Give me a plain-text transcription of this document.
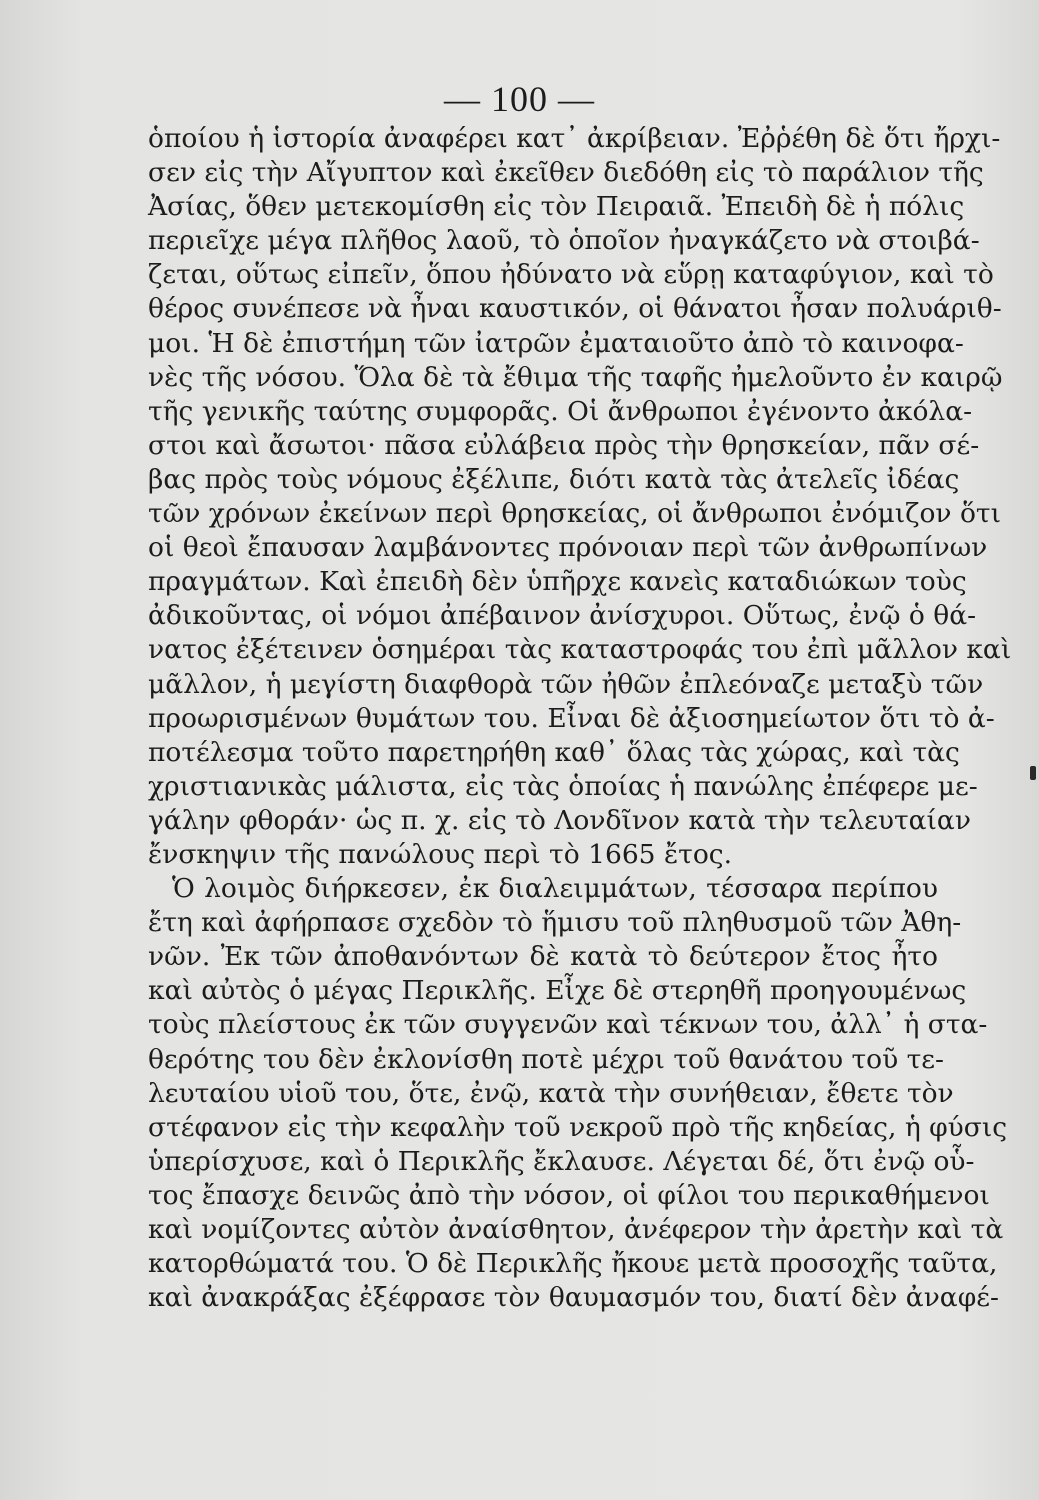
— 100 —
ὁποίου ἡ ἱστορία ἀναφέρει κατ᾽ ἀκρίβειαν. Ἐῤῥέθη δὲ ὅτι ἤρχι-
σεν εἰς τὴν Αἴγυπτον καὶ ἐκεῖθεν διεδόθη εἰς τὸ παράλιον τῆς
Ἀσίας, ὅθεν μετεκομίσθη εἰς τὸν Πειραιᾶ. Ἐπειδὴ δὲ ἡ πόλις
περιεῖχε μέγα πλῆθος λαοῦ, τὸ ὁποῖον ἠναγκάζετο νὰ στοιβά-
ζεται, οὕτως εἰπεῖν, ὅπου ἠδύνατο νὰ εὕρῃ καταφύγιον, καὶ τὸ
θέρος συνέπεσε νὰ ἦναι καυστικόν, οἱ θάνατοι ἦσαν πολυάριθ-
μοι. Ἡ δὲ ἐπιστήμη τῶν ἰατρῶν ἐματαιοῦτο ἀπὸ τὸ καινοφα-
νὲς τῆς νόσου. Ὅλα δὲ τὰ ἔθιμα τῆς ταφῆς ἠμελοῦντο ἐν καιρῷ
τῆς γενικῆς ταύτης συμφορᾶς. Οἱ ἄνθρωποι ἐγένοντο ἀκόλα-
στοι καὶ ἄσωτοι· πᾶσα εὐλάβεια πρὸς τὴν θρησκείαν, πᾶν σέ-
βας πρὸς τοὺς νόμους ἐξέλιπε, διότι κατὰ τὰς ἀτελεῖς ἰδέας
τῶν χρόνων ἐκείνων περὶ θρησκείας, οἱ ἄνθρωποι ἐνόμιζον ὅτι
οἱ θεοὶ ἔπαυσαν λαμβάνοντες πρόνοιαν περὶ τῶν ἀνθρωπίνων
πραγμάτων. Καὶ ἐπειδὴ δὲν ὑπῆρχε κανεὶς καταδιώκων τοὺς
ἀδικοῦντας, οἱ νόμοι ἀπέβαινον ἀνίσχυροι. Οὕτως, ἐνῷ ὁ θά-
νατος ἐξέτεινεν ὁσημέραι τὰς καταστροφάς του ἐπὶ μᾶλλον καὶ
μᾶλλον, ἡ μεγίστη διαφθορὰ τῶν ἠθῶν ἐπλεόναζε μεταξὺ τῶν
προωρισμένων θυμάτων του. Εἶναι δὲ ἀξιοσημείωτον ὅτι τὸ ἀ-
ποτέλεσμα τοῦτο παρετηρήθη καθ᾽ ὅλας τὰς χώρας, καὶ τὰς
χριστιανικὰς μάλιστα, εἰς τὰς ὁποίας ἡ πανώλης ἐπέφερε με-
γάλην φθοράν· ὡς π. χ. εἰς τὸ Λονδῖνον κατὰ τὴν τελευταίαν
ἔνσκηψιν τῆς πανώλους περὶ τὸ 1665 ἔτος.
Ὁ λοιμὸς διήρκεσεν, ἐκ διαλειμμάτων, τέσσαρα περίπου
ἔτη καὶ ἀφήρπασε σχεδὸν τὸ ἥμισυ τοῦ πληθυσμοῦ τῶν Ἀθη-
νῶν. Ἐκ τῶν ἀποθανόντων δὲ κατὰ τὸ δεύτερον ἔτος ἦτο
καὶ αὐτὸς ὁ μέγας Περικλῆς. Εἶχε δὲ στερηθῆ προηγουμένως
τοὺς πλείστους ἐκ τῶν συγγενῶν καὶ τέκνων του, ἀλλ᾽ ἡ στα-
θερότης του δὲν ἐκλονίσθη ποτὲ μέχρι τοῦ θανάτου τοῦ τε-
λευταίου υἱοῦ του, ὅτε, ἐνῷ, κατὰ τὴν συνήθειαν, ἔθετε τὸν
στέφανον εἰς τὴν κεφαλὴν τοῦ νεκροῦ πρὸ τῆς κηδείας, ἡ φύσις
ὑπερίσχυσε, καὶ ὁ Περικλῆς ἔκλαυσε. Λέγεται δέ, ὅτι ἐνῷ οὗ-
τος ἔπασχε δεινῶς ἀπὸ τὴν νόσον, οἱ φίλοι του περικαθήμενοι
καὶ νομίζοντες αὐτὸν ἀναίσθητον, ἀνέφερον τὴν ἀρετὴν καὶ τὰ
κατορθώματά του. Ὁ δὲ Περικλῆς ἤκουε μετὰ προσοχῆς ταῦτα,
καὶ ἀνακράξας ἐξέφρασε τὸν θαυμασμόν του, διατί δὲν ἀναφέ-
